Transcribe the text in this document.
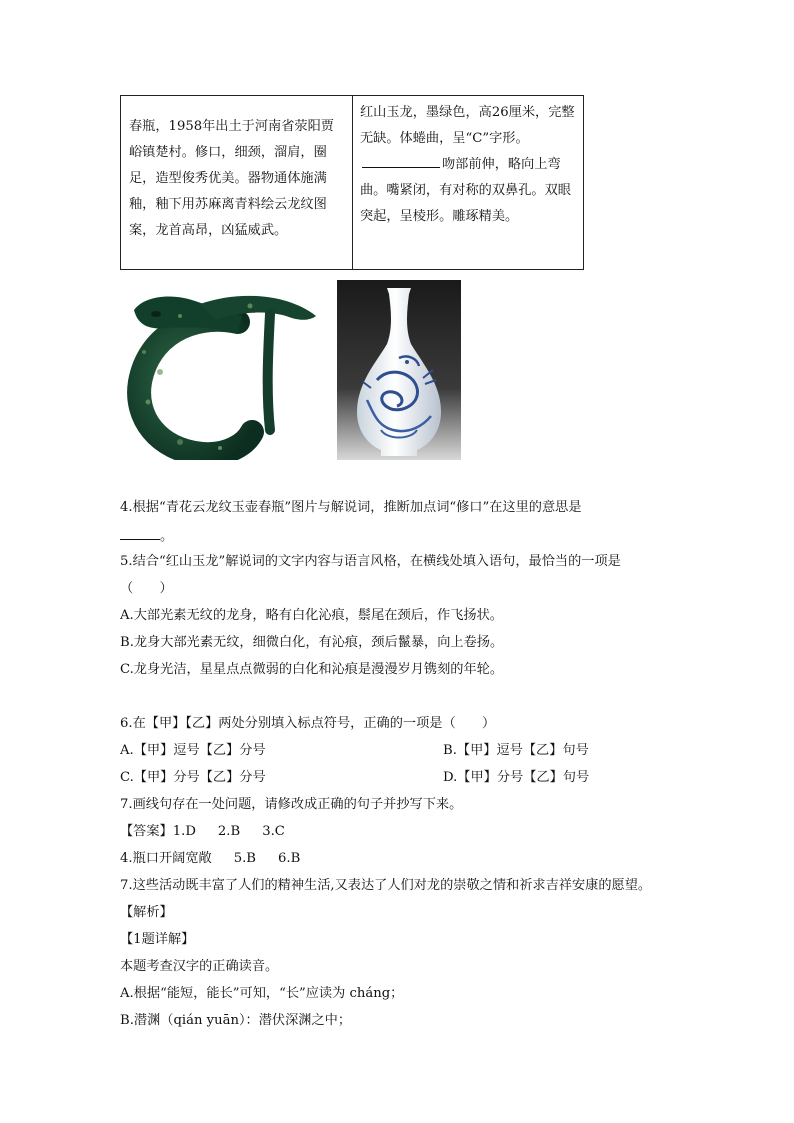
春瓶，1958年出土于河南省荥阳贾峪镇楚村。修口，细颈，溜肩，圈足，造型俊秀优美。器物通体施满釉，釉下用苏麻离青料绘云龙纹图案，龙首高昂，凶猛威武。
红山玉龙，墨绿色，高26厘米，完整无缺。体蜷曲，呈“C”字形。吻部前伸，略向上弯曲。嘴紧闭，有对称的双鼻孔。双眼突起，呈棱形。雕琢精美。
4.根据“青花云龙纹玉壶春瓶”图片与解说词，推断加点词“修口”在这里的意思是
。
5.结合“红山玉龙”解说词的文字内容与语言风格，在横线处填入语句，最恰当的一项是
（　　）
A.大部光素无纹的龙身，略有白化沁痕，鬃尾在颈后，作飞扬状。
B.龙身大部光素无纹，细微白化，有沁痕，颈后鬣暴，向上卷扬。
C.龙身光洁，星星点点微弱的白化和沁痕是漫漫岁月镌刻的年轮。
6.在【甲】【乙】两处分别填入标点符号，正确的一项是（　　）
A.【甲】逗号【乙】分号	B.【甲】逗号【乙】句号
C.【甲】分号【乙】分号	D.【甲】分号【乙】句号
7.画线句存在一处问题，请修改成正确的句子并抄写下来。
【答案】1.D 2.B 3.C
4.瓶口开阔宽敞 5.B 6.B
7.这些活动既丰富了人们的精神生活,又表达了人们对龙的崇敬之情和祈求吉祥安康的愿望。
【解析】
【1题详解】
本题考查汉字的正确读音。
A.根据“能短，能长”可知，“长”应读为 cháng；
B.潜渊（qián yuān）：潜伏深渊之中；
